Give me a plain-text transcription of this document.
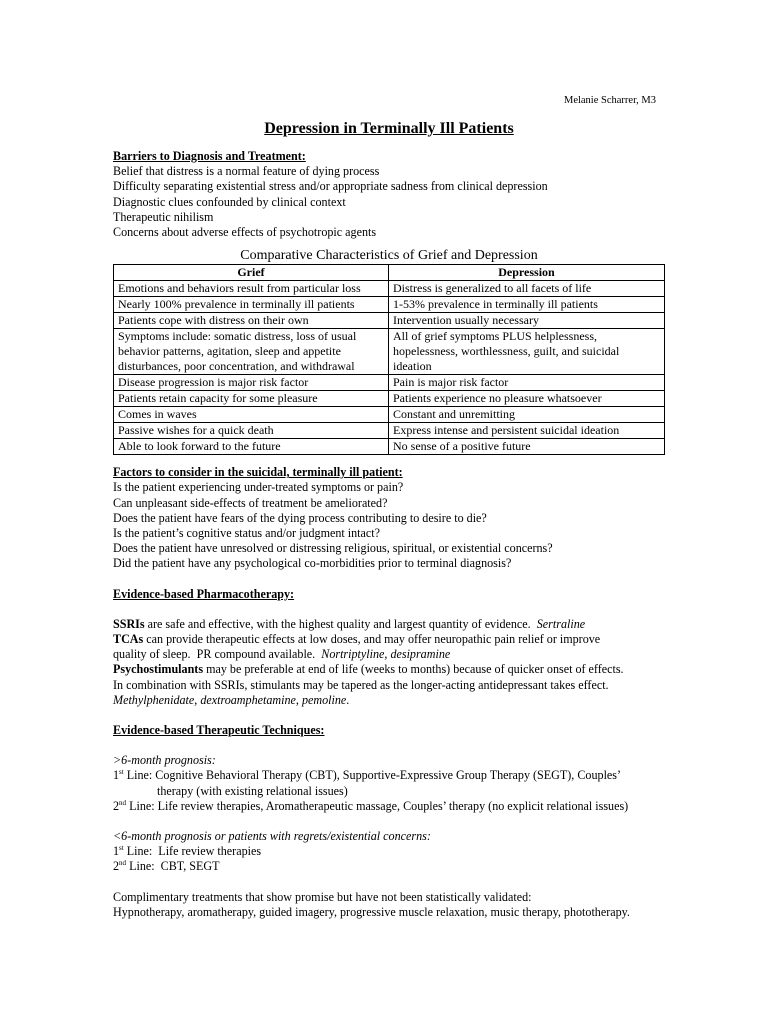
Melanie Scharrer, M3
Depression in Terminally Ill Patients
Barriers to Diagnosis and Treatment:
Belief that distress is a normal feature of dying process
Difficulty separating existential stress and/or appropriate sadness from clinical depression
Diagnostic clues confounded by clinical context
Therapeutic nihilism
Concerns about adverse effects of psychotropic agents
Comparative Characteristics of Grief and Depression
Grief	Depression
Emotions and behaviors result from particular loss	Distress is generalized to all facets of life
Nearly 100% prevalence in terminally ill patients	1-53% prevalence in terminally ill patients
Patients cope with distress on their own	Intervention usually necessary
Symptoms include: somatic distress, loss of usual behavior patterns, agitation, sleep and appetite disturbances, poor concentration, and withdrawal	All of grief symptoms PLUS helplessness, hopelessness, worthlessness, guilt, and suicidal ideation
Disease progression is major risk factor	Pain is major risk factor
Patients retain capacity for some pleasure	Patients experience no pleasure whatsoever
Comes in waves	Constant and unremitting
Passive wishes for a quick death	Express intense and persistent suicidal ideation
Able to look forward to the future	No sense of a positive future
Factors to consider in the suicidal, terminally ill patient:
Is the patient experiencing under-treated symptoms or pain?
Can unpleasant side-effects of treatment be ameliorated?
Does the patient have fears of the dying process contributing to desire to die?
Is the patient’s cognitive status and/or judgment intact?
Does the patient have unresolved or distressing religious, spiritual, or existential concerns?
Did the patient have any psychological co-morbidities prior to terminal diagnosis?
Evidence-based Pharmacotherapy:
SSRIs are safe and effective, with the highest quality and largest quantity of evidence.  Sertraline
TCAs can provide therapeutic effects at low doses, and may offer neuropathic pain relief or improve
quality of sleep.  PR compound available.  Nortriptyline, desipramine
Psychostimulants may be preferable at end of life (weeks to months) because of quicker onset of effects.
In combination with SSRIs, stimulants may be tapered as the longer-acting antidepressant takes effect.
Methylphenidate, dextroamphetamine, pemoline.
Evidence-based Therapeutic Techniques:
>6-month prognosis:
1st Line: Cognitive Behavioral Therapy (CBT), Supportive-Expressive Group Therapy (SEGT), Couples’
therapy (with existing relational issues)
2nd Line: Life review therapies, Aromatherapeutic massage, Couples’ therapy (no explicit relational issues)
<6-month prognosis or patients with regrets/existential concerns:
1st Line:  Life review therapies
2nd Line:  CBT, SEGT
Complimentary treatments that show promise but have not been statistically validated:
Hypnotherapy, aromatherapy, guided imagery, progressive muscle relaxation, music therapy, phototherapy.
